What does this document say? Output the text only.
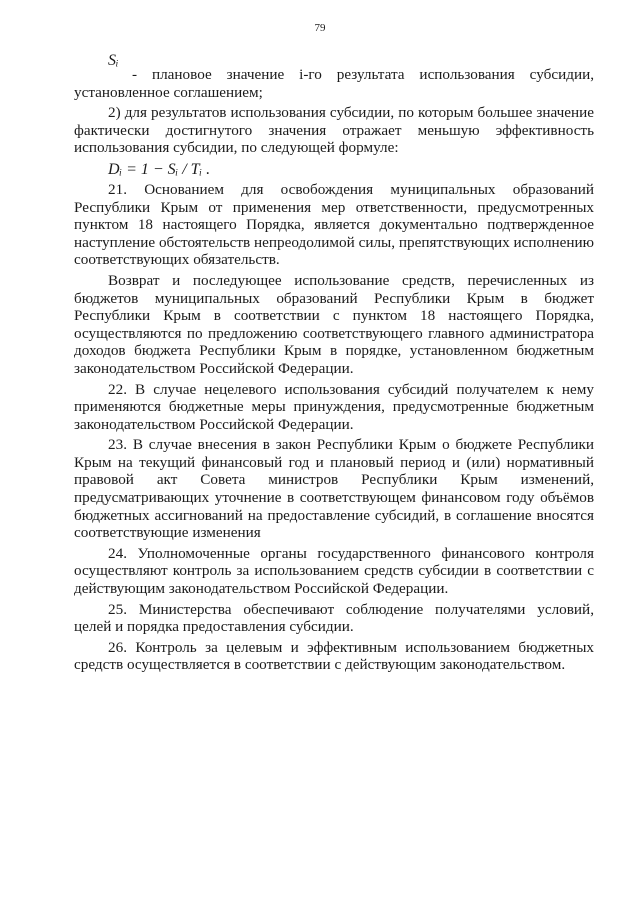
79
Sᵢ

- плановое значение i-го результата использования субсидии, установленное соглашением;

2) для результатов использования субсидии, по которым большее значение фактически достигнутого значения отражает меньшую эффективность использования субсидии, по следующей формуле:

Dᵢ = 1 − Sᵢ / Tᵢ .

21. Основанием для освобождения муниципальных образований Республики Крым от применения мер ответственности, предусмотренных пунктом 18 настоящего Порядка, является документально подтвержденное наступление обстоятельств непреодолимой силы, препятствующих исполнению соответствующих обязательств.

Возврат и последующее использование средств, перечисленных из бюджетов муниципальных образований Республики Крым в бюджет Республики Крым в соответствии с пунктом 18 настоящего Порядка, осуществляются по предложению соответствующего главного администратора доходов бюджета Республики Крым в порядке, установленном бюджетным законодательством Российской Федерации.

22. В случае нецелевого использования субсидий получателем к нему применяются бюджетные меры принуждения, предусмотренные бюджетным законодательством Российской Федерации.

23. В случае внесения в закон Республики Крым о бюджете Республики Крым на текущий финансовый год и плановый период и (или) нормативный правовой акт Совета министров Республики Крым изменений, предусматривающих уточнение в соответствующем финансовом году объёмов бюджетных ассигнований на предоставление субсидий, в соглашение вносятся соответствующие изменения

24. Уполномоченные органы государственного финансового контроля осуществляют контроль за использованием средств субсидии в соответствии с действующим законодательством Российской Федерации.

25. Министерства обеспечивают соблюдение получателями условий, целей и порядка предоставления субсидии.

26. Контроль за целевым и эффективным использованием бюджетных средств осуществляется в соответствии с действующим законодательством.
